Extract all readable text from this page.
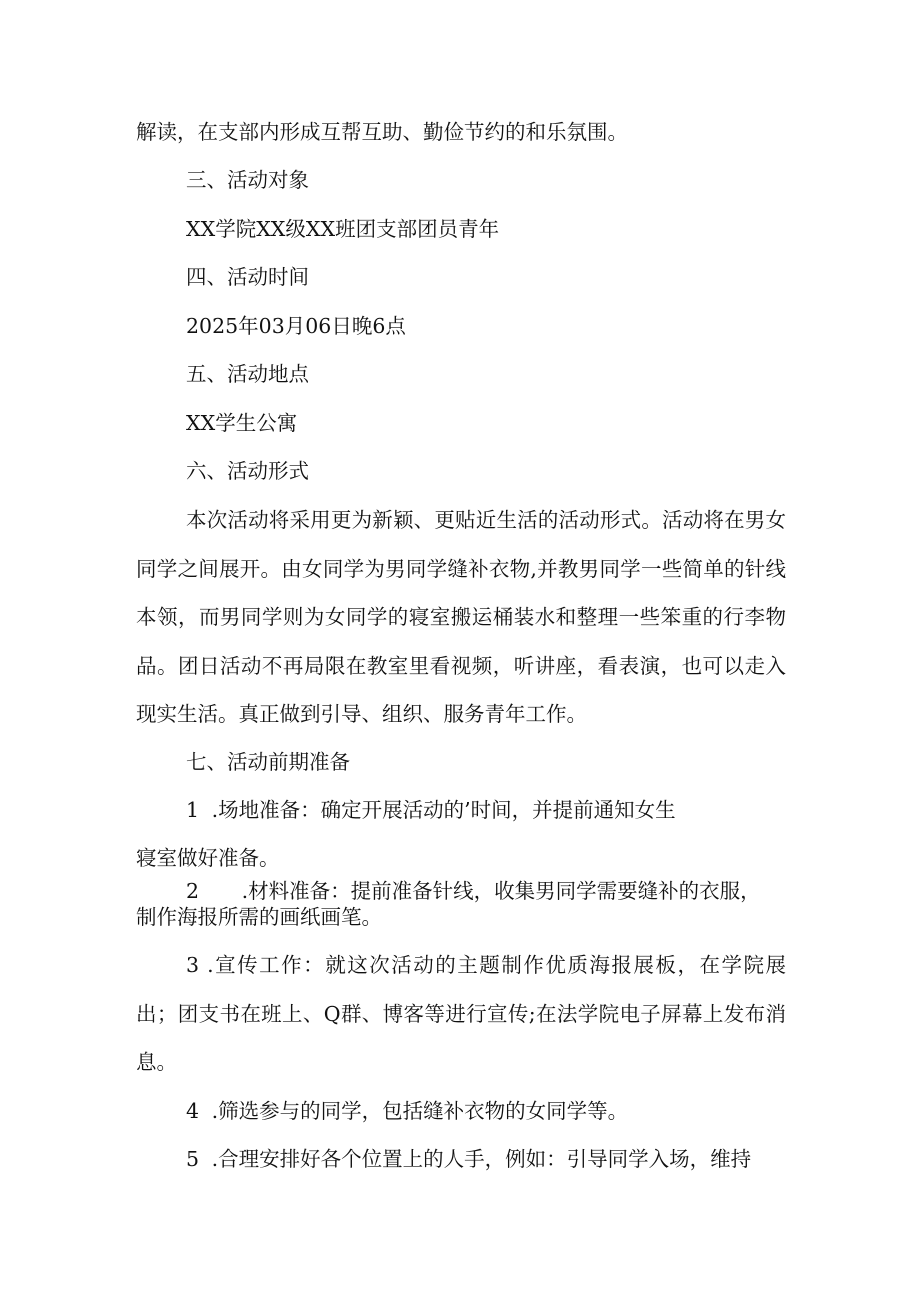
解读，在支部内形成互帮互助、勤俭节约的和乐氛围。
三、活动对象
XX学院XX级XX班团支部团员青年
四、活动时间
2025年03月06日晚6点
五、活动地点
XX学生公寓
六、活动形式
本次活动将采用更为新颖、更贴近生活的活动形式。活动将在男女同学之间展开。由女同学为男同学缝补衣物,并教男同学一些简单的针线本领，而男同学则为女同学的寝室搬运桶装水和整理一些笨重的行李物品。团日活动不再局限在教室里看视频，听讲座，看表演，也可以走入现实生活。真正做到引导、组织、服务青年工作。
七、活动前期准备
1 .场地准备：确定开展活动的’时间，并提前通知女生
寝室做好准备。
2 .材料准备：提前准备针线，收集男同学需要缝补的衣服，
制作海报所需的画纸画笔。
3 .宣传工作：就这次活动的主题制作优质海报展板，在学院展出；团支书在班上、Q群、博客等进行宣传;在法学院电子屏幕上发布消息。
4 .筛选参与的同学，包括缝补衣物的女同学等。
5 .合理安排好各个位置上的人手，例如：引导同学入场，维持
